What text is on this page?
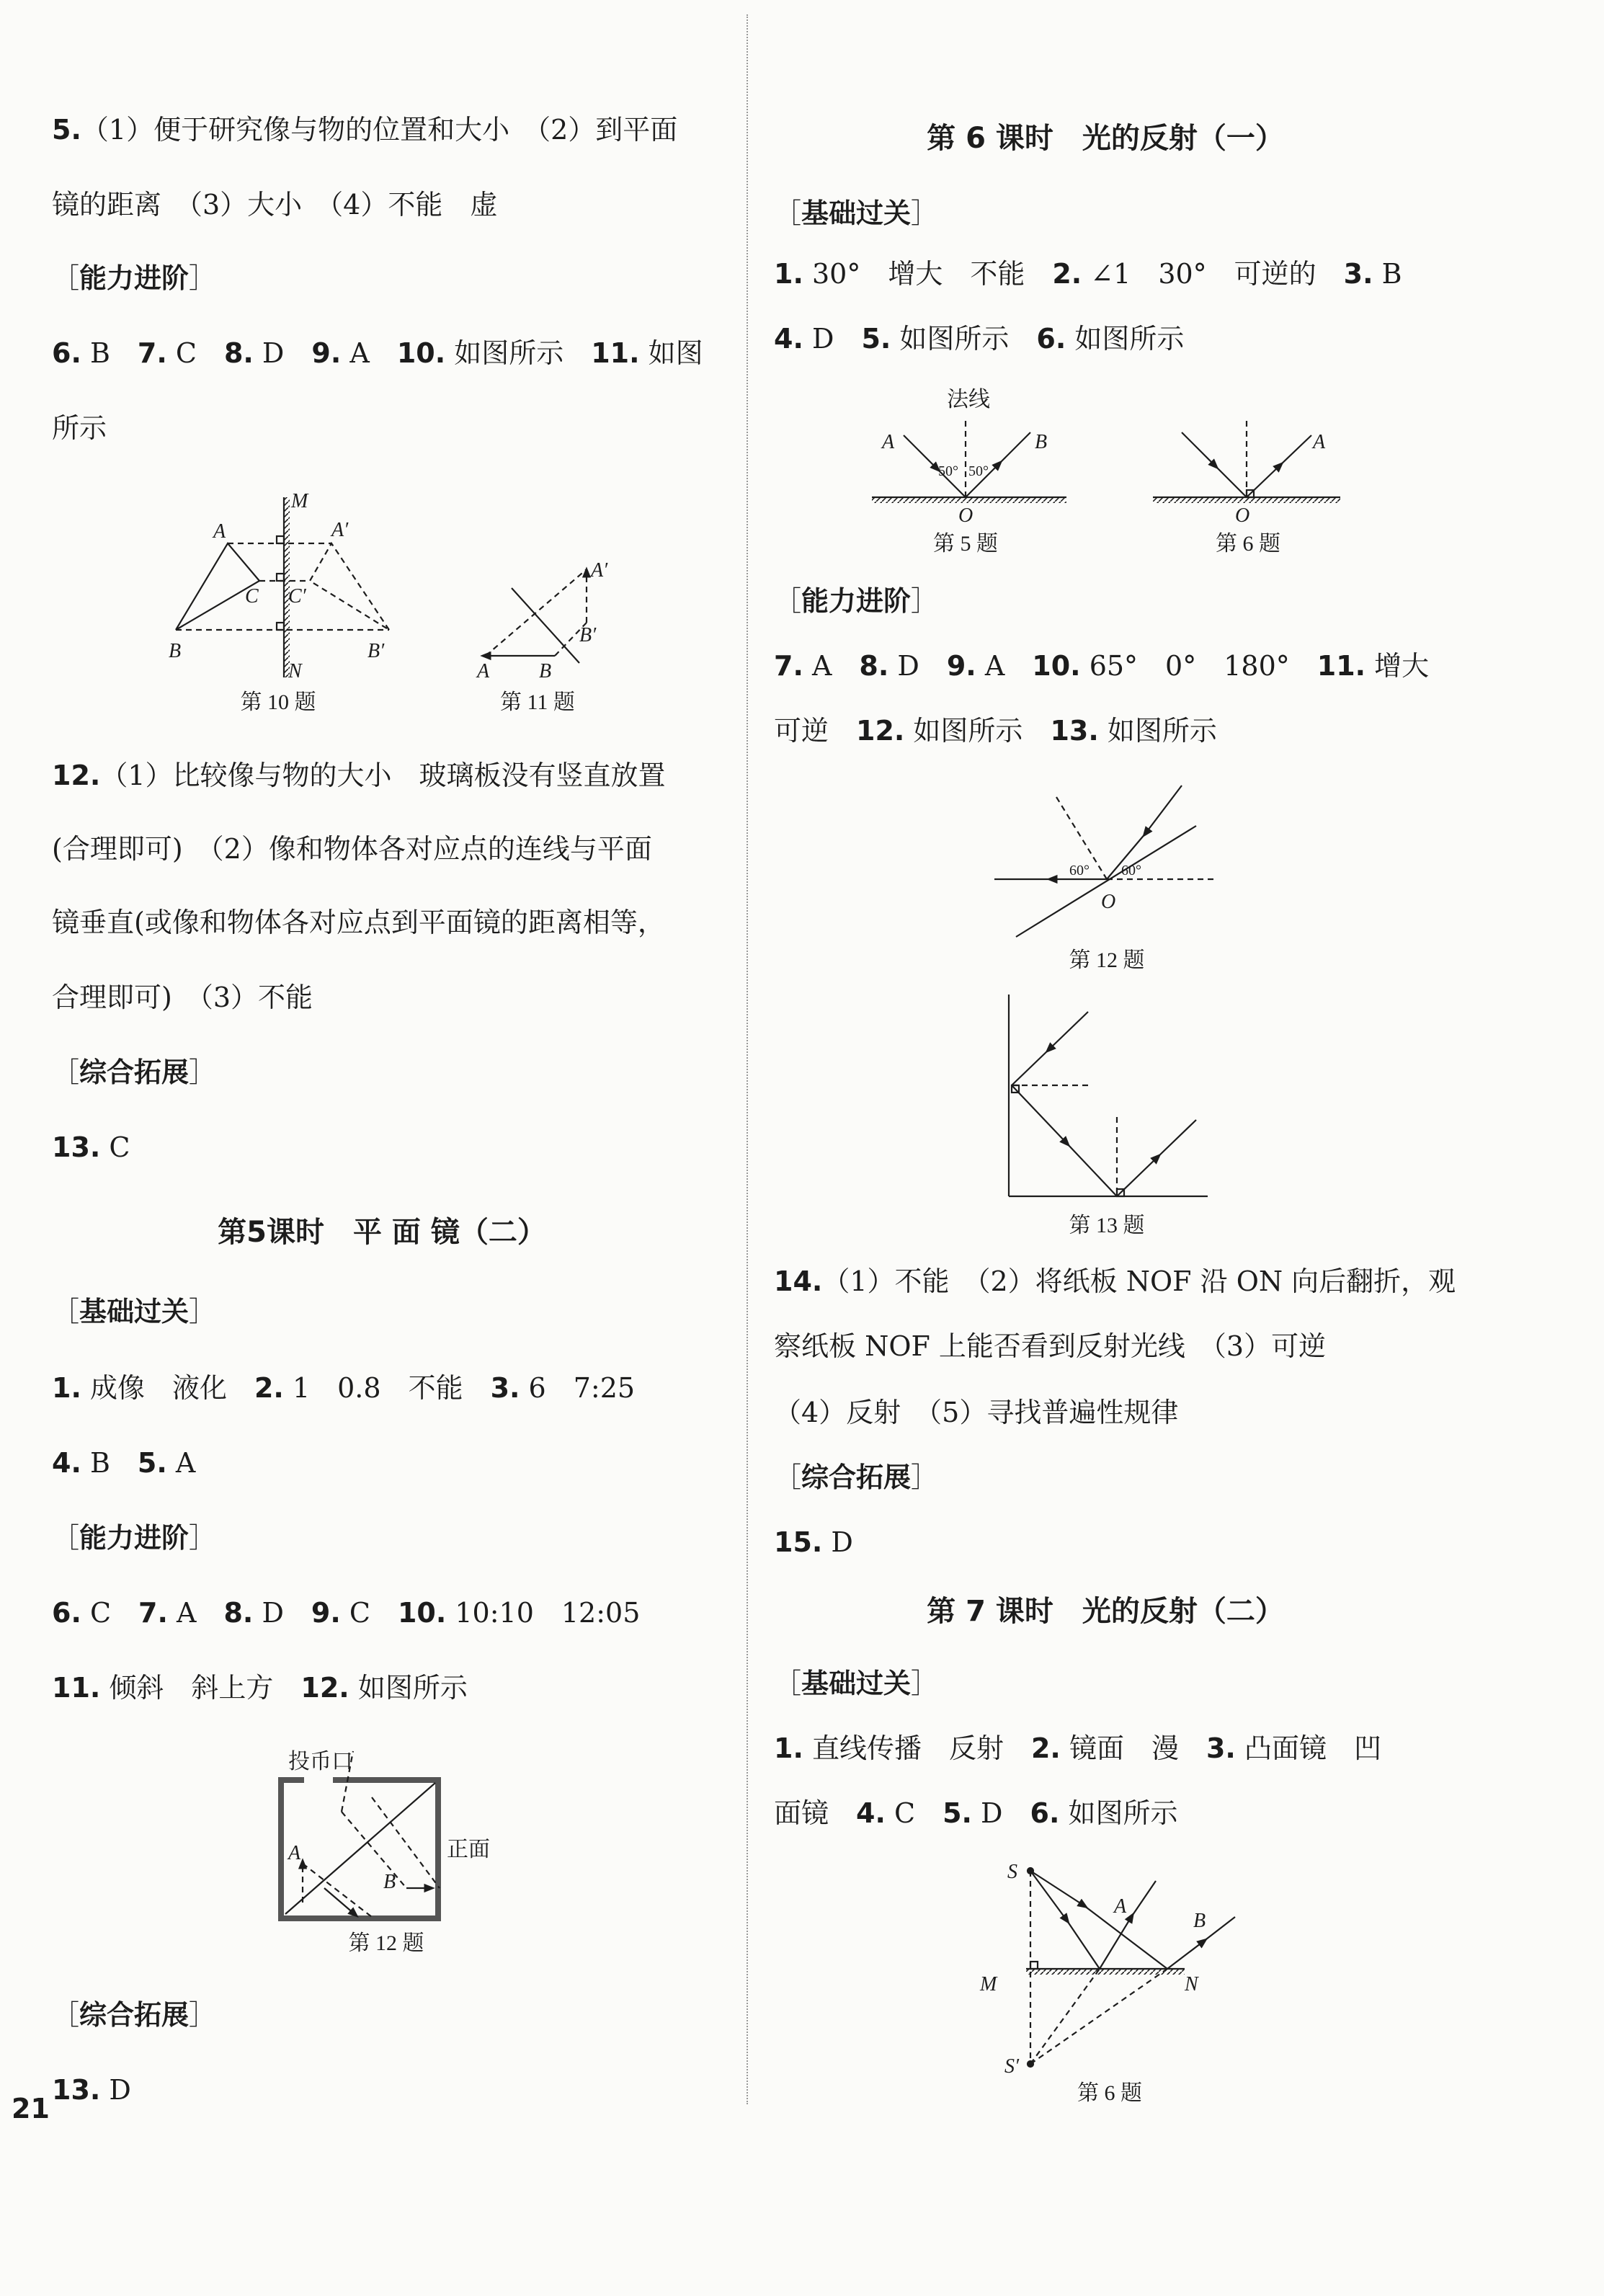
5.（1）便于研究像与物的位置和大小　（2）到平面
镜的距离　（3）大小　（4）不能　虚
［能力进阶］
6. B　7. C　8. D　9. A　10. 如图所示　11. 如图
所示
12.（1）比较像与物的大小　玻璃板没有竖直放置
(合理即可)　（2）像和物体各对应点的连线与平面
镜垂直(或像和物体各对应点到平面镜的距离相等，
合理即可)　（3）不能
［综合拓展］
13. C
第5课时　平 面 镜（二）
［基础过关］
1. 成像　液化　2. 1　0.8　不能　3. 6　7:25
4. B　5. A
［能力进阶］
6. C　7. A　8. D　9. C　10. 10:10　12:05
11. 倾斜　斜上方　12. 如图所示
［综合拓展］
13. D
第 6 课时　光的反射（一）
［基础过关］
1. 30°　增大　不能　2. ∠1　30°　可逆的　3. B
4. D　5. 如图所示　6. 如图所示
［能力进阶］
7. A　8. D　9. A　10. 65°　0°　180°　11. 增大
可逆　12. 如图所示　13. 如图所示
14.（1）不能　（2）将纸板 NOF 沿 ON 向后翻折，观
察纸板 NOF 上能否看到反射光线　（3）可逆
（4）反射　（5）寻找普遍性规律
［综合拓展］
15. D
第 7 课时　光的反射（二）
［基础过关］
1. 直线传播　反射　2. 镜面　漫　3. 凸面镜　凹
面镜　4. C　5. D　6. 如图所示
21
M
N
A	A′
C	C′
B	B′
第 10 题
A	B
A′
B′
第 11 题
投币口
正面
A
B
第 12 题
法线
A	B
50° 50°
O
第 5 题
A
O
第 6 题
60°	60°
O
第 12 题
第 13 题
S
S′
M	N
A
B
第 6 题
